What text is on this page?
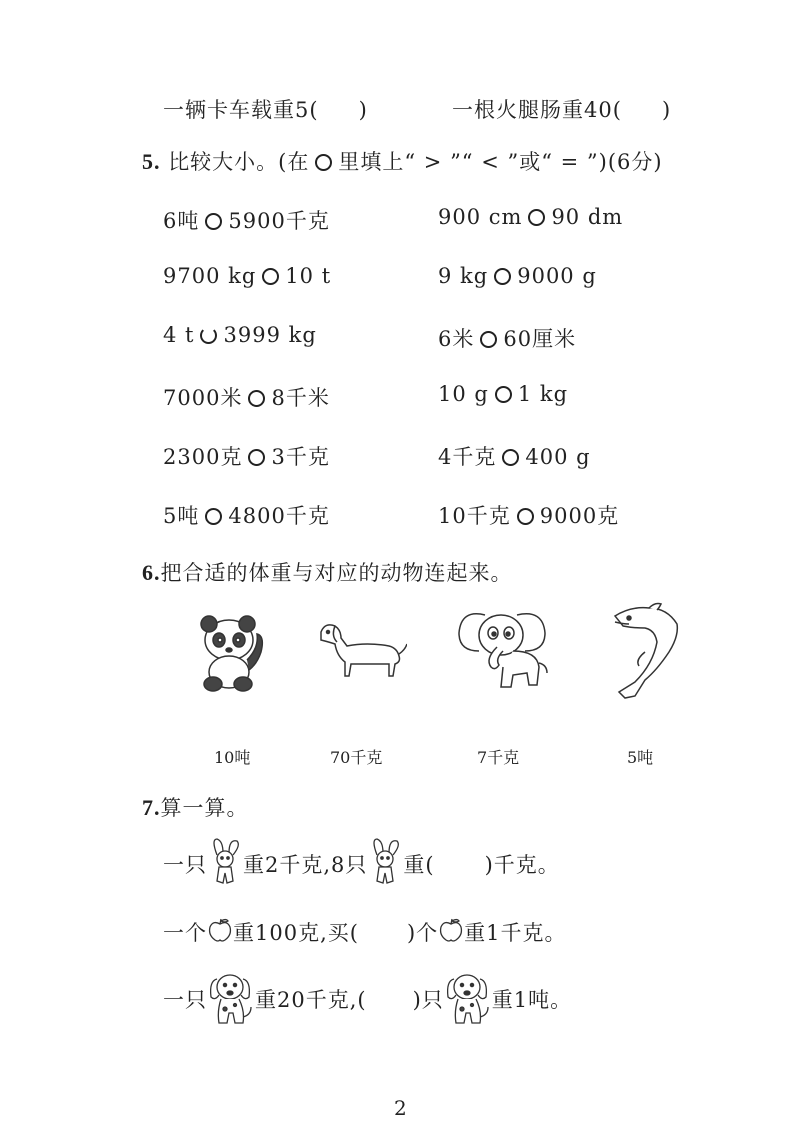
一辆卡车载重5( )	一根火腿肠重40( )
5. 比较大小。(在 里填上“ > ”“ < ”或“ = ”)(6分)
6吨 5900千克	900 cm 90 dm
9700 kg 10 t	9 kg 9000 g
4 t 3999 kg	6米 60厘米
7000米 8千米	10 g 1 kg
2300克 3千克	4千克 400 g
5吨 4800千克	10千克 9000克
6.把合适的体重与对应的动物连起来。
10吨	70千克	7千克	5吨
7.算一算。
一只 重2千克,8只 重( )千克。
一个 重100克,买( )个 重1千克。
一只 重20千克,( )只 重1吨。
2
